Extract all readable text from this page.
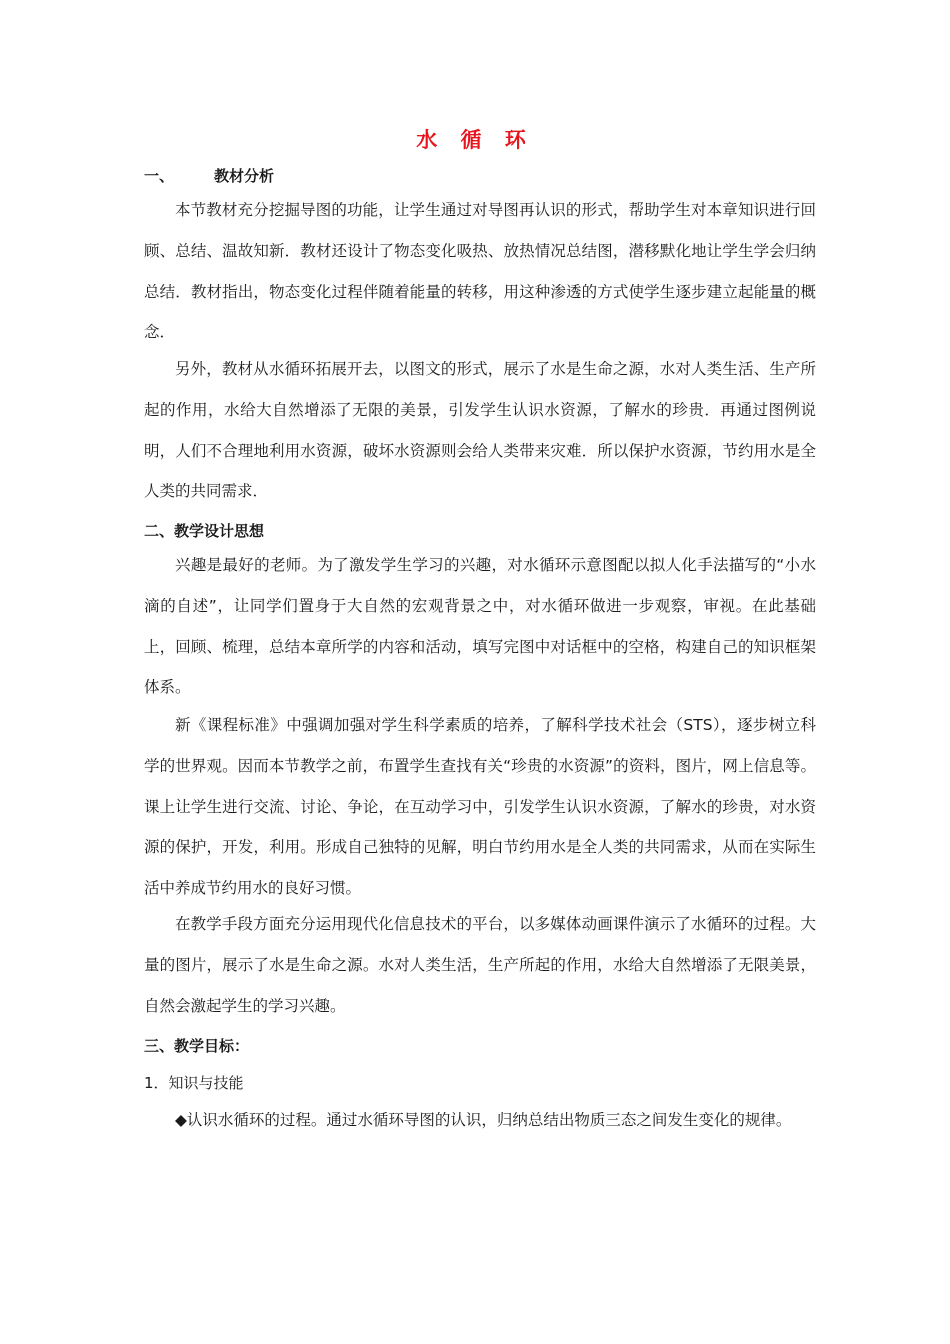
水 循 环
一、	教材分析

本节教材充分挖掘导图的功能，让学生通过对导图再认识的形式，帮助学生对本章知识进行回顾、总结、温故知新．教材还设计了物态变化吸热、放热情况总结图，潜移默化地让学生学会归纳总结．教材指出，物态变化过程伴随着能量的转移，用这种渗透的方式使学生逐步建立起能量的概念．

另外，教材从水循环拓展开去，以图文的形式，展示了水是生命之源，水对人类生活、生产所起的作用，水给大自然增添了无限的美景，引发学生认识水资源，了解水的珍贵．再通过图例说明，人们不合理地利用水资源，破坏水资源则会给人类带来灾难．所以保护水资源，节约用水是全人类的共同需求．

二、教学设计思想

兴趣是最好的老师。为了激发学生学习的兴趣，对水循环示意图配以拟人化手法描写的“小水滴的自述”，让同学们置身于大自然的宏观背景之中，对水循环做进一步观察，审视。在此基础上，回顾、梳理，总结本章所学的内容和活动，填写完图中对话框中的空格，构建自己的知识框架体系。

新《课程标准》中强调加强对学生科学素质的培养，了解科学技术社会（STS），逐步树立科学的世界观。因而本节教学之前，布置学生查找有关“珍贵的水资源”的资料，图片，网上信息等。课上让学生进行交流、讨论、争论，在互动学习中，引发学生认识水资源，了解水的珍贵，对水资源的保护，开发，利用。形成自己独特的见解，明白节约用水是全人类的共同需求，从而在实际生活中养成节约用水的良好习惯。

在教学手段方面充分运用现代化信息技术的平台，以多媒体动画课件演示了水循环的过程。大量的图片，展示了水是生命之源。水对人类生活，生产所起的作用，水给大自然增添了无限美景，自然会激起学生的学习兴趣。

三、教学目标：
1．知识与技能

◆认识水循环的过程。通过水循环导图的认识，归纳总结出物质三态之间发生变化的规律。
